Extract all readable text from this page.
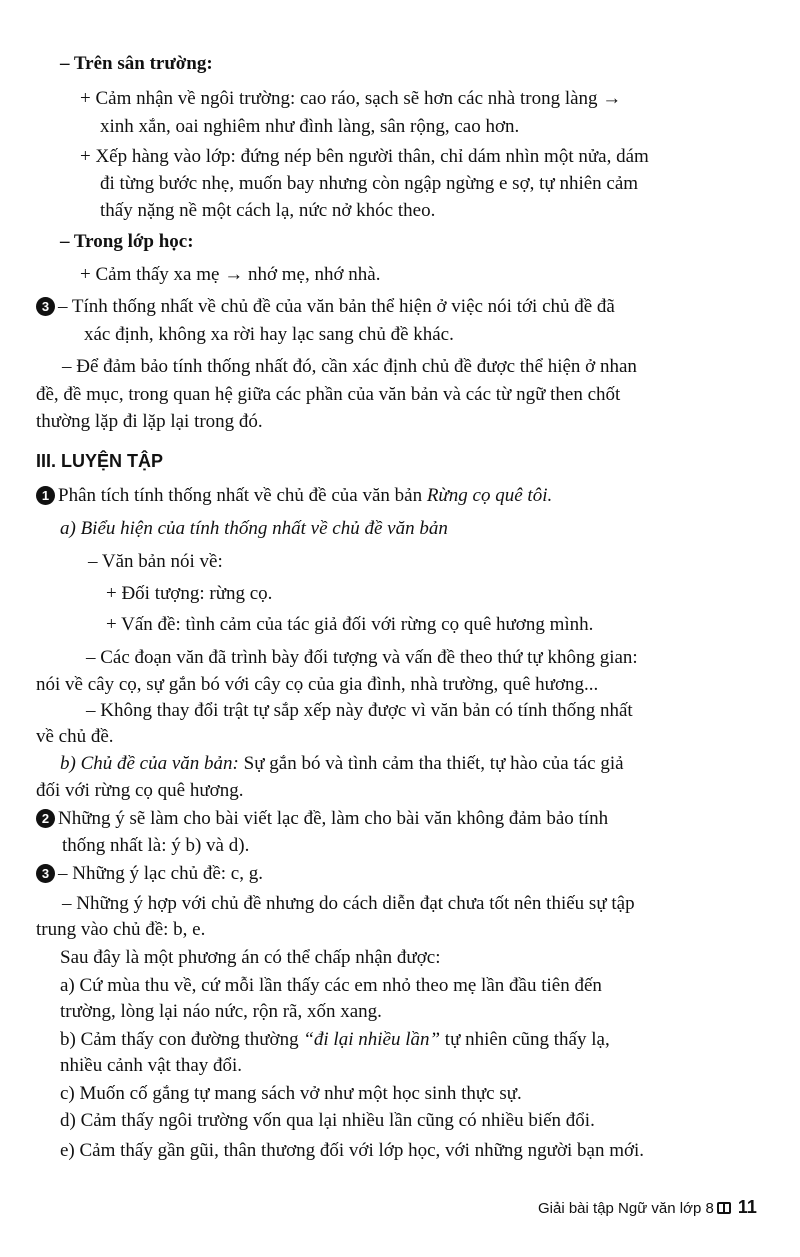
– Trên sân trường:
+ Cảm nhận về ngôi trường: cao ráo, sạch sẽ hơn các nhà trong làng →
xinh xắn, oai nghiêm như đình làng, sân rộng, cao hơn.
+ Xếp hàng vào lớp: đứng nép bên người thân, chỉ dám nhìn một nửa, dám
đi từng bước nhẹ, muốn bay nhưng còn ngập ngừng e sợ, tự nhiên cảm
thấy nặng nề một cách lạ, nức nở khóc theo.
– Trong lớp học:
+ Cảm thấy xa mẹ → nhớ mẹ, nhớ nhà.
3 – Tính thống nhất về chủ đề của văn bản thể hiện ở việc nói tới chủ đề đã
xác định, không xa rời hay lạc sang chủ đề khác.
– Để đảm bảo tính thống nhất đó, cần xác định chủ đề được thể hiện ở nhan
đề, đề mục, trong quan hệ giữa các phần của văn bản và các từ ngữ then chốt
thường lặp đi lặp lại trong đó.
III. LUYỆN TẬP
1 Phân tích tính thống nhất về chủ đề của văn bản Rừng cọ quê tôi.
a) Biểu hiện của tính thống nhất về chủ đề văn bản
– Văn bản nói về:
+ Đối tượng: rừng cọ.
+ Vấn đề: tình cảm của tác giả đối với rừng cọ quê hương mình.
– Các đoạn văn đã trình bày đối tượng và vấn đề theo thứ tự không gian:
nói về cây cọ, sự gắn bó với cây cọ của gia đình, nhà trường, quê hương...
– Không thay đổi trật tự sắp xếp này được vì văn bản có tính thống nhất
về chủ đề.
b) Chủ đề của văn bản: Sự gắn bó và tình cảm tha thiết, tự hào của tác giả
đối với rừng cọ quê hương.
2 Những ý sẽ làm cho bài viết lạc đề, làm cho bài văn không đảm bảo tính
thống nhất là: ý b) và d).
3 – Những ý lạc chủ đề: c, g.
– Những ý hợp với chủ đề nhưng do cách diễn đạt chưa tốt nên thiếu sự tập
trung vào chủ đề: b, e.
Sau đây là một phương án có thể chấp nhận được:
a) Cứ mùa thu về, cứ mỗi lần thấy các em nhỏ theo mẹ lần đầu tiên đến
trường, lòng lại náo nức, rộn rã, xốn xang.
b) Cảm thấy con đường thường “đi lại nhiều lần” tự nhiên cũng thấy lạ,
nhiều cảnh vật thay đổi.
c) Muốn cố gắng tự mang sách vở như một học sinh thực sự.
d) Cảm thấy ngôi trường vốn qua lại nhiều lần cũng có nhiều biến đổi.
e) Cảm thấy gần gũi, thân thương đối với lớp học, với những người bạn mới.
Giải bài tập Ngữ văn lớp 8 11
